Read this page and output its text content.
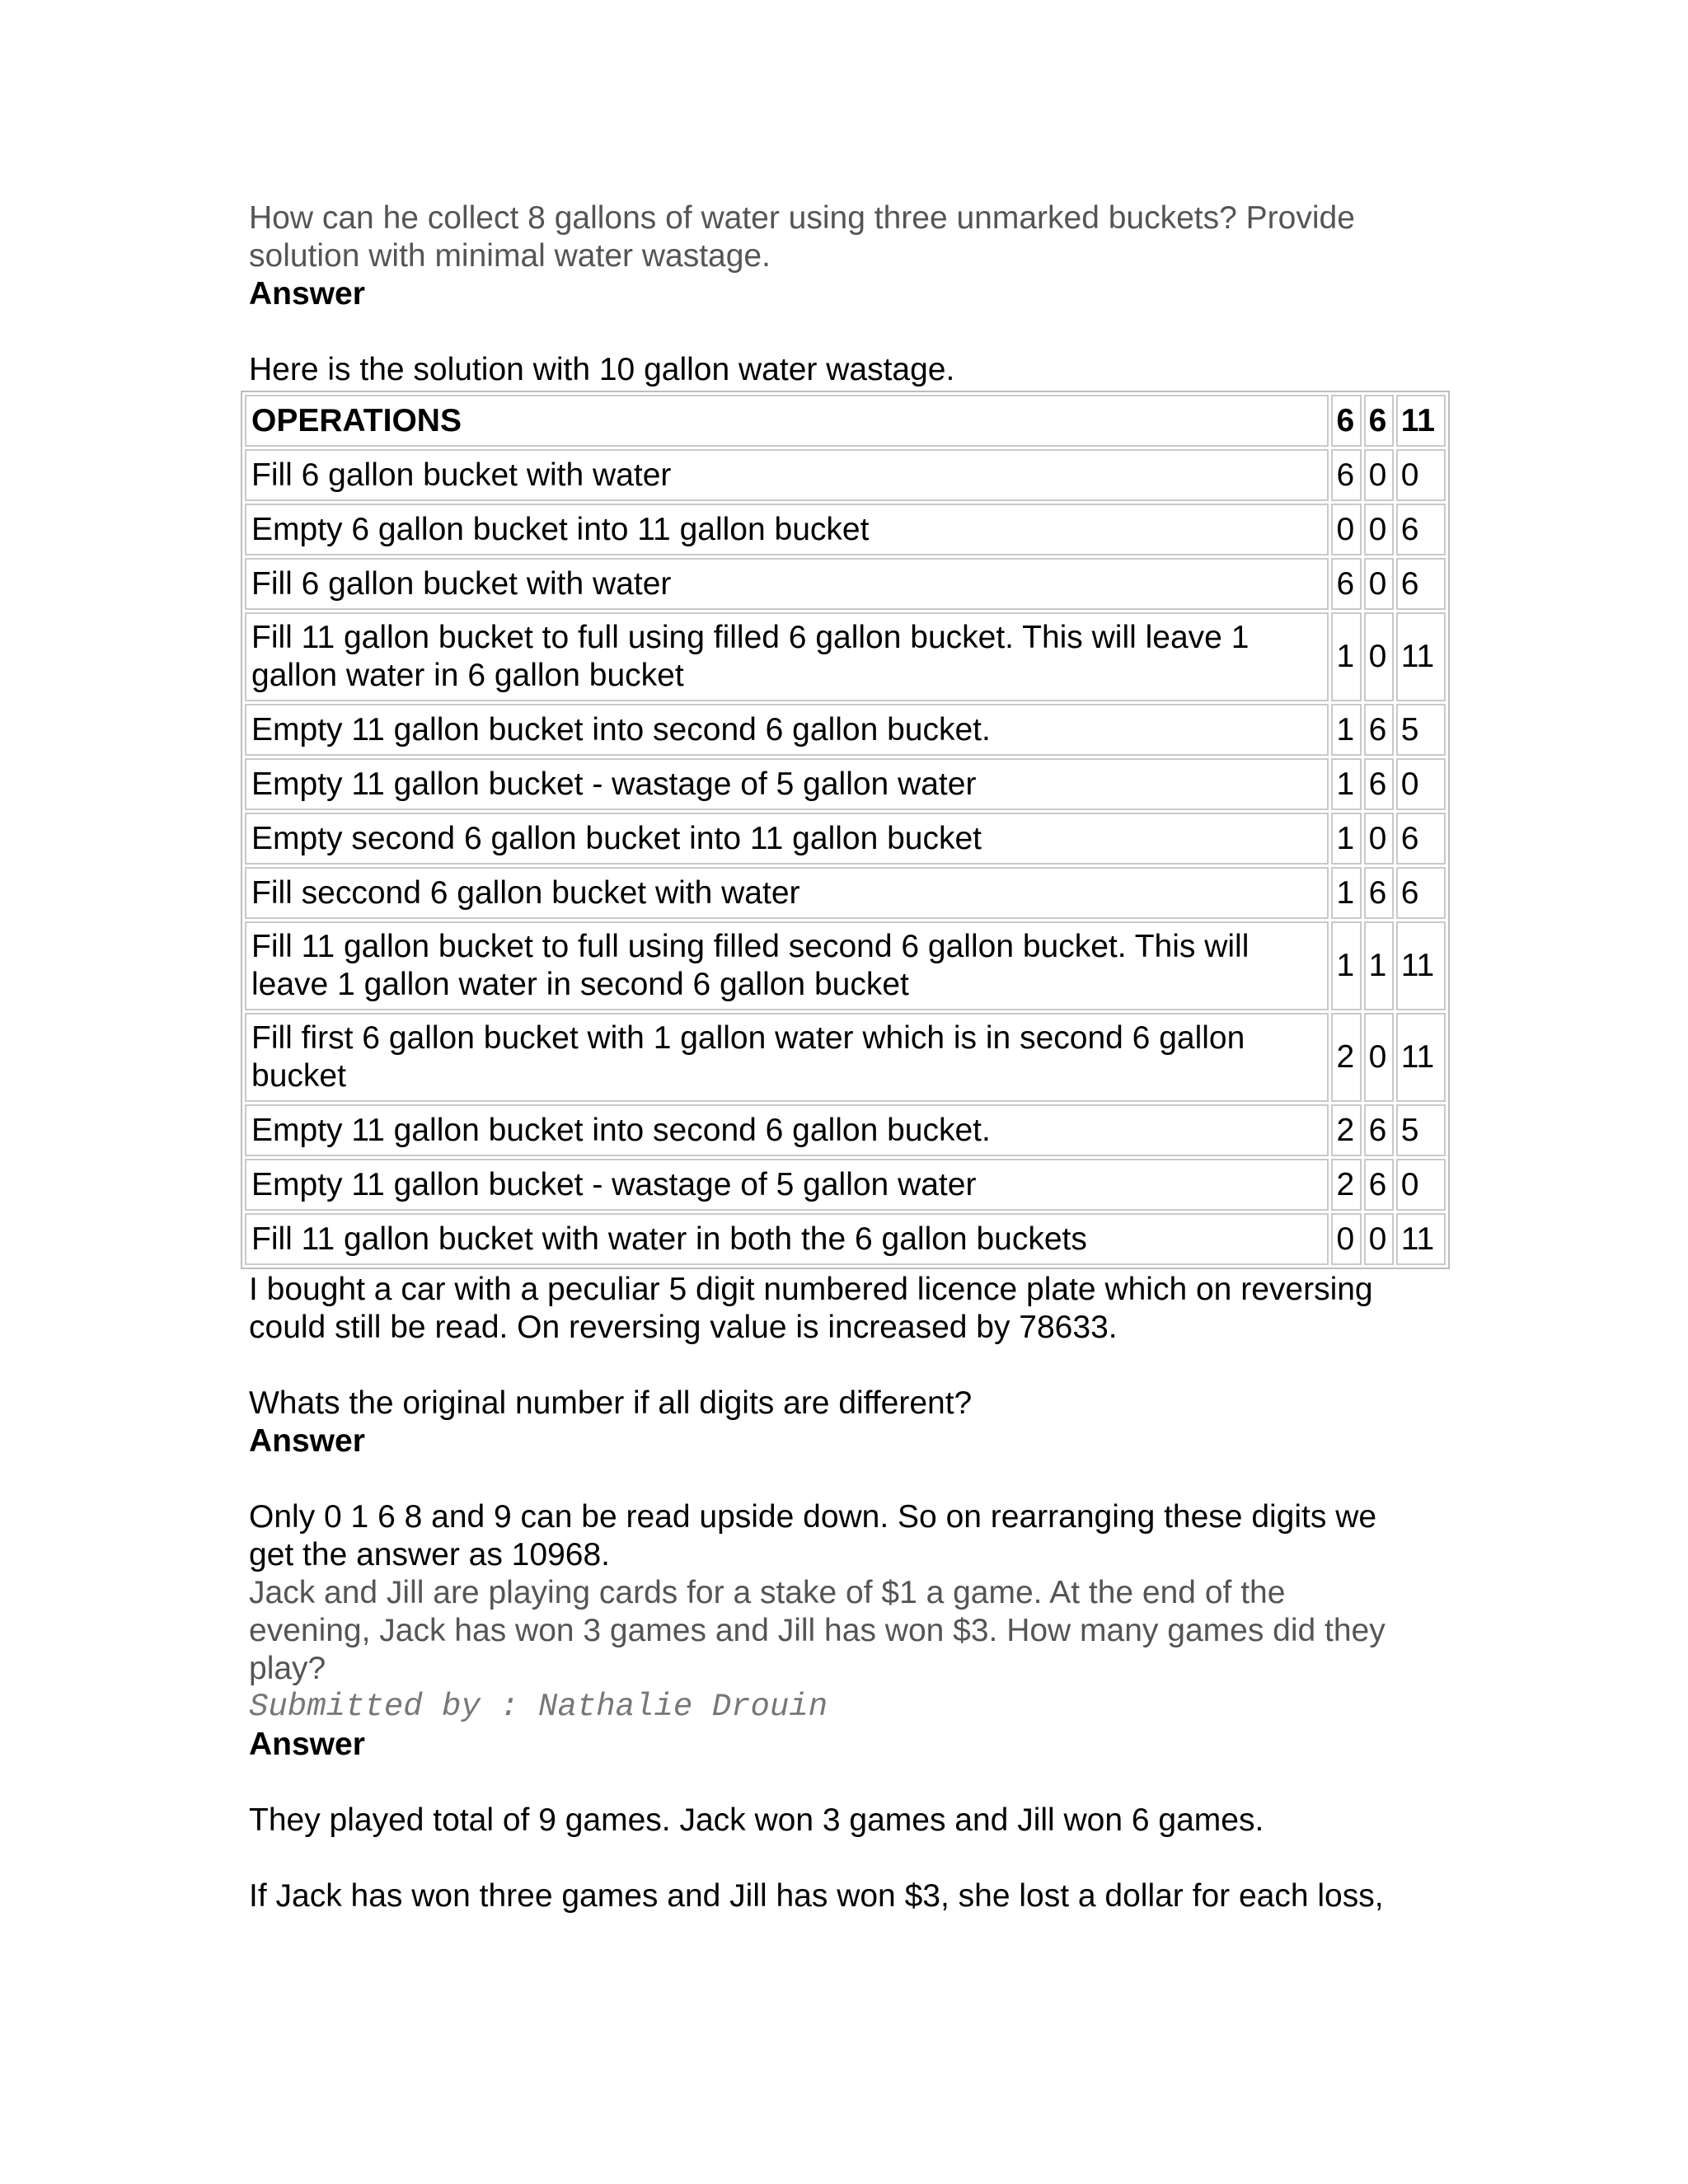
How can he collect 8 gallons of water using three unmarked buckets? Provide
solution with minimal water wastage.
Answer
Here is the solution with 10 gallon water wastage.
OPERATIONS	6	6	11

Fill 6 gallon bucket with water	6	0	0

Empty 6 gallon bucket into 11 gallon bucket	0	0	6

Fill 6 gallon bucket with water	6	0	6

Fill 11 gallon bucket to full using filled 6 gallon bucket. This will leave 1
gallon water in 6 gallon bucket	1	0	11

Empty 11 gallon bucket into second 6 gallon bucket.	1	6	5

Empty 11 gallon bucket - wastage of 5 gallon water	1	6	0

Empty second 6 gallon bucket into 11 gallon bucket	1	0	6

Fill seccond 6 gallon bucket with water	1	6	6

Fill 11 gallon bucket to full using filled second 6 gallon bucket. This will
leave 1 gallon water in second 6 gallon bucket	1	1	11

Fill first 6 gallon bucket with 1 gallon water which is in second 6 gallon
bucket	2	0	11

Empty 11 gallon bucket into second 6 gallon bucket.	2	6	5

Empty 11 gallon bucket - wastage of 5 gallon water	2	6	0

Fill 11 gallon bucket with water in both the 6 gallon buckets	0	0	11
I bought a car with a peculiar 5 digit numbered licence plate which on reversing
could still be read. On reversing value is increased by 78633.
Whats the original number if all digits are different?
Answer
Only 0 1 6 8 and 9 can be read upside down. So on rearranging these digits we
get the answer as 10968.
Jack and Jill are playing cards for a stake of $1 a game. At the end of the
evening, Jack has won 3 games and Jill has won $3. How many games did they
play?
Submitted by : Nathalie Drouin
Answer
They played total of 9 games. Jack won 3 games and Jill won 6 games.
If Jack has won three games and Jill has won $3, she lost a dollar for each loss,
